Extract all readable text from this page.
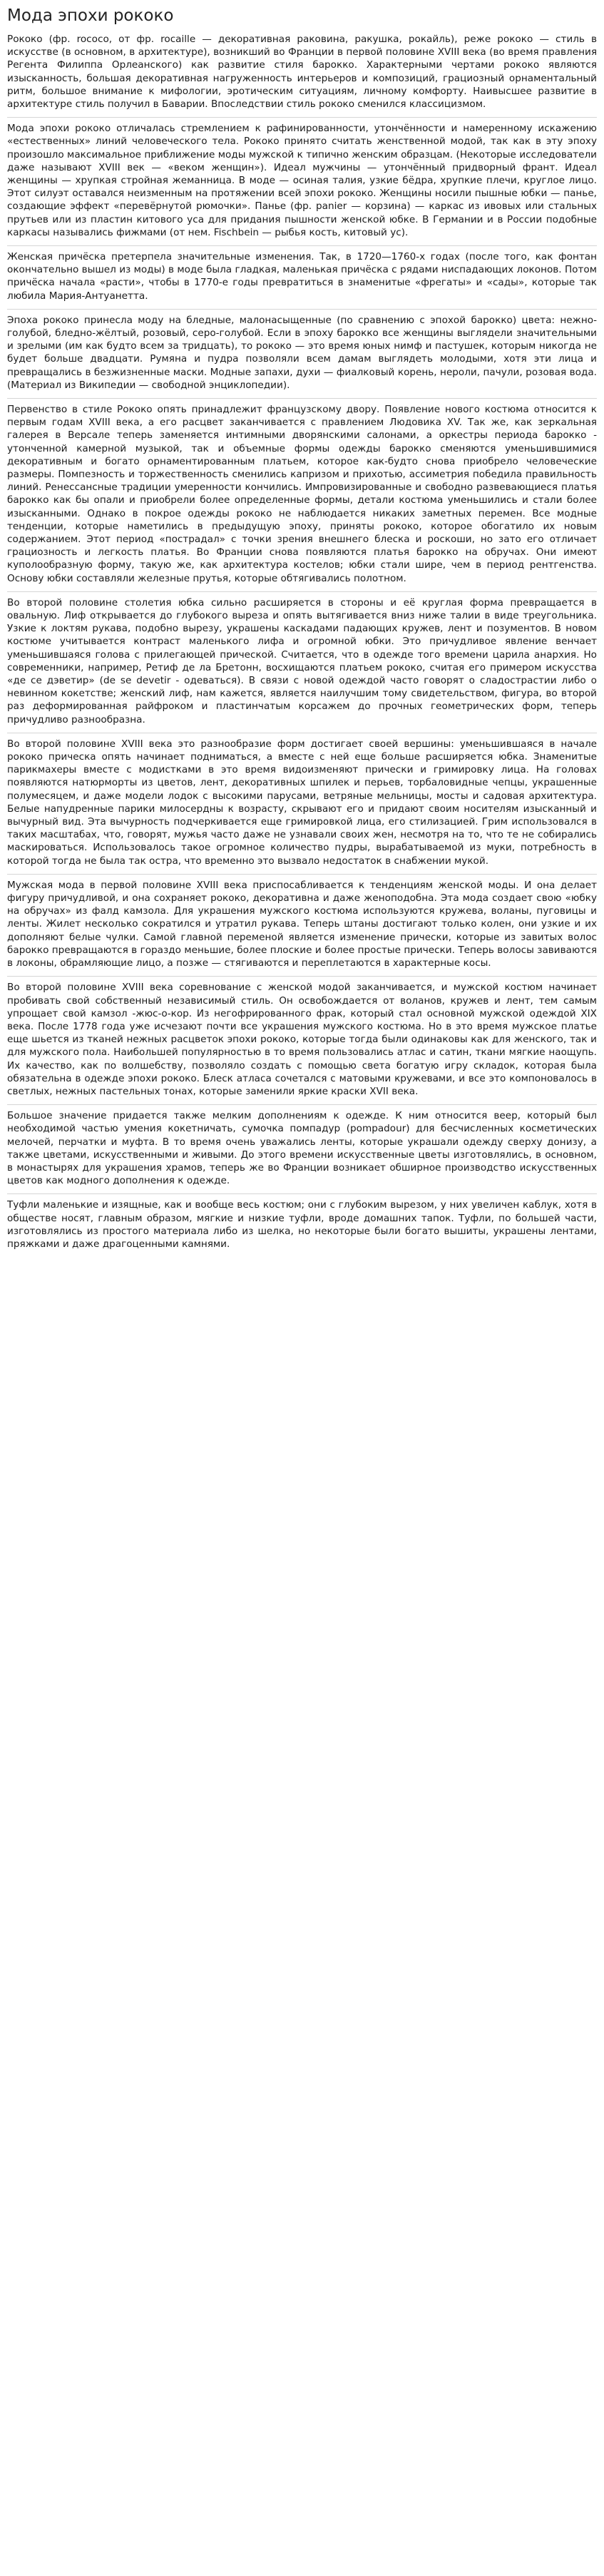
Мода эпохи рококо

Рококо (фр. rococo, от фр. rocaille — декоративная раковина, ракушка, рокайль), реже рококо — стиль в искусстве (в основном, в архитектуре), возникший во Франции в первой половине XVIII века (во время правления Регента Филиппа Орлеанского) как развитие стиля барокко. Характерными чертами рококо являются изысканность, большая декоративная нагруженность интерьеров и композиций, грациозный орнаментальный ритм, большое внимание к мифологии, эротическим ситуациям, личному комфорту. Наивысшее развитие в архитектуре стиль получил в Баварии. Впоследствии стиль рококо сменился классицизмом.

Мода эпохи рококо отличалась стремлением к рафинированности, утончённости и намеренному искажению «естественных» линий человеческого тела. Рококо принято считать женственной модой, так как в эту эпоху произошло максимальное приближение моды мужской к типично женским образцам. (Некоторые исследователи даже называют XVIII век — «веком женщин»). Идеал мужчины — утончённый придворный франт. Идеал женщины — хрупкая стройная жеманница. В моде — осиная талия, узкие бёдра, хрупкие плечи, круглое лицо. Этот силуэт оставался неизменным на протяжении всей эпохи рококо. Женщины носили пышные юбки — панье, создающие эффект «перевёрнутой рюмочки». Панье (фр. panier — корзина) — каркас из ивовых или стальных прутьев или из пластин китового уса для придания пышности женской юбке. В Германии и в России подобные каркасы называлиcь фижмами (от нем. Fischbein — рыбья кость, китовый ус).

Женская причёска претерпела значительные изменения. Так, в 1720—1760-х годах (после того, как фонтан окончательно вышел из моды) в моде была гладкая, маленькая причёска с рядами ниспадающих локонов. Потом причёска начала «расти», чтобы в 1770-е годы превратиться в знаменитые «фрегаты» и «сады», которые так любила Мария-Антуанетта.

Эпоха рококо принесла моду на бледные, малонасыщенные (по сравнению с эпохой барокко) цвета: нежно-голубой, бледно-жёлтый, розовый, серо-голубой. Если в эпоху барокко все женщины выглядели значительными и зрелыми (им как будто всем за тридцать), то рококо — это время юных нимф и пастушек, которым никогда не будет больше двадцати. Румяна и пудра позволяли всем дамам выглядеть молодыми, хотя эти лица и превращались в безжизненные маски. Модные запахи, духи — фиалковый корень, нероли, пачули, розовая вода. (Материал из Википедии — свободной энциклопедии).

Первенство в стиле Рококо опять принадлежит французскому двору. Появление нового костюма относится к первым годам XVIII века, а его расцвет заканчивается с правлением Людовика XV. Так же, как зеркальная галерея в Версале теперь заменяется интимными дворянскими салонами, а оркестры периода барокко - утонченной камерной музыкой, так и объемные формы одежды барокко сменяются уменьшившимися декоративным и богато орнаментированным платьем, которое как-будто снова приобрело человеческие размеры. Помпезность и торжественность сменились капризом и прихотью, ассиметрия победила правильность линий. Ренессансные традиции умеренности кончились. Импровизированные и свободно развевающиеся платья барокко как бы опали и приобрели более определенные формы, детали костюма уменьшились и стали более изысканными. Однако в покрое одежды рококо не наблюдается никаких заметных перемен. Все модные тенденции, которые наметились в предыдущую эпоху, приняты рококо, которое обогатило их новым содержанием. Этот период «пострадал» с точки зрения внешнего блеска и роскоши, но зато его отличает грациозность и легкость платья. Во Франции снова появляются платья барокко на обручах. Они имеют куполообразную форму, такую же, как архитектура костелов; юбки стали шире, чем в период рентгенства. Основу юбки составляли железные прутья, которые обтягивались полотном.

Во второй половине столетия юбка сильно расширяется в стороны и её круглая форма превращается в овальную. Лиф открывается до глубокого выреза и опять вытягивается вниз ниже талии в виде треугольника. Узкие к локтям рукава, подобно вырезу, украшены каскадами падающих кружев, лент и позументов. В новом костюме учитывается контраст маленького лифа и огромной юбки. Это причудливое явление венчает уменьшившаяся голова с прилегающей прической. Считается, что в одежде того времени царила анархия. Но современники, например, Ретиф де ла Бретонн, восхищаются платьем рококо, считая его примером искусства «де се дэветир» (de se devetir - одеваться). В связи с новой одеждой часто говорят о сладострастии либо о невинном кокетстве; женский лиф, нам кажется, является наилучшим тому свидетельством, фигура, во второй раз деформированная райфроком и пластинчатым корсажем до прочных геометрических форм, теперь причудливо разнообразна.

Во второй половине XVIII века это разнообразие форм достигает своей вершины: уменьшившаяся в начале рококо прическа опять начинает подниматься, а вместе с ней еще больше расширяется юбка. Знаменитые парикмахеры вместе с модистками в это время видоизменяют прически и гримировку лица. На головах появляются натюрморты из цветов, лент, декоративных шпилек и перьев, торбаловидные чепцы, украшенные полумесяцем, и даже модели лодок с высокими парусами, ветряные мельницы, мосты и садовая архитектура. Белые напудренные парики милосердны к возрасту, скрывают его и придают своим носителям изысканный и вычурный вид. Эта вычурность подчеркивается еще гримировкой лица, его стилизацией. Грим использовался в таких масштабах, что, говорят, мужья часто даже не узнавали своих жен, несмотря на то, что те не собирались маскироваться. Использовалось такое огромное количество пудры, вырабатываемой из муки, потребность в которой тогда не была так остра, что временно это вызвало недостаток в снабжении мукой.

Мужская мода в первой половине XVIII века приспосабливается к тенденциям женской моды. И она делает фигуру причудливой, и она сохраняет рококо, декоративна и даже женоподобна. Эта мода создает свою «юбку на обручах» из фалд камзола. Для украшения мужского костюма используются кружева, воланы, пуговицы и ленты. Жилет несколько сократился и утратил рукава. Теперь штаны достигают только колен, они узкие и их дополняют белые чулки. Самой главной переменой является изменение прически, которые из завитых волос барокко превращаются в гораздо меньшие, более плоские и более простые прически. Теперь волосы завиваются в локоны, обрамляющие лицо, а позже — стягиваются и переплетаются в характерные косы.

Во второй половине XVIII века соревнование с женской модой заканчивается, и мужской костюм начинает пробивать свой собственный независимый стиль. Он освобождается от воланов, кружев и лент, тем самым упрощает свой камзол -жюс-о-кор. Из негофрированного фрак, который стал основной мужской одеждой XIX века. После 1778 года уже исчезают почти все украшения мужского костюма. Но в это время мужское платье еще шьется из тканей нежных расцветок эпохи рококо, которые тогда были одинаковы как для женского, так и для мужского пола. Наибольшей популярностью в то время пользовались атлас и сатин, ткани мягкие наощупь. Их качество, как по волшебству, позволяло создать с помощью света богатую игру складок, которая была обязательна в одежде эпохи рококо. Блеск атласа сочетался с матовыми кружевами, и все это компоновалось в светлых, нежных пастельных тонах, которые заменили яркие краски XVII века.

Большое значение придается также мелким дополнениям к одежде. К ним относится веер, который был необходимой частью умения кокетничать, сумочка помпадур (pompadour) для бесчисленных косметических мелочей, перчатки и муфта. В то время очень уважались ленты, которые украшали одежду сверху донизу, а также цветами, искусственными и живыми. До этого времени искусственные цветы изготовлялись, в основном, в монастырях для украшения храмов, теперь же во Франции возникает обширное производство искусственных цветов как модного дополнения к одежде.

Туфли маленькие и изящные, как и вообще весь костюм; они с глубоким вырезом, у них увеличен каблук, хотя в обществе носят, главным образом, мягкие и низкие туфли, вроде домашних тапок. Туфли, по большей части, изготовлялись из простого материала либо из шелка, но некоторые были богато вышиты, украшены лентами, пряжками и даже драгоценными камнями.
